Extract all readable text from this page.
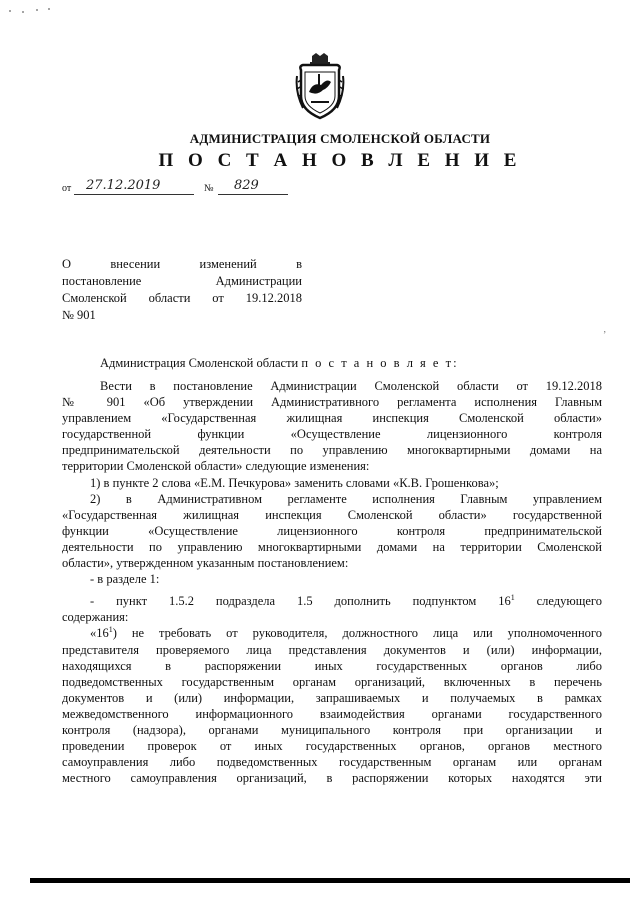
АДМИНИСТРАЦИЯ СМОЛЕНСКОЙ ОБЛАСТИ
П О С Т А Н О В Л Е Н И Е
от 27.12.2019	№ 829
О	внесении	изменений	в
постановление	Администрации
Смоленской области от 19.12.2018
№ 901
ʼ
Администрация Смоленской области п о с т а н о в л я е т:

Вести в постановление Администрации Смоленской области от 19.12.2018

№ 901 «Об утверждении Административного регламента исполнения Главным

управлением «Государственная жилищная инспекция Смоленской области»

государственной функции «Осуществление лицензионного контроля

предпринимательской деятельности по управлению многоквартирными домами на

территории Смоленской области» следующие изменения:

1) в пункте 2 слова «Е.М. Печкурова» заменить словами «К.В. Грошенкова»;

2) в Административном регламенте исполнения Главным управлением

«Государственная жилищная инспекция Смоленской области» государственной

функции «Осуществление лицензионного контроля предпринимательской

деятельности по управлению многоквартирными домами на территории Смоленской

области», утвержденном указанным постановлением:

- в разделе 1:

- пункт 1.5.2 подраздела 1.5 дополнить подпунктом $16^1$ следующего

содержания:

«$16^1$) не требовать от руководителя, должностного лица или уполномоченного

представителя проверяемого лица представления документов и (или) информации,

находящихся в распоряжении иных государственных органов либо

подведомственных государственным органам организаций, включенных в перечень

документов и (или) информации, запрашиваемых и получаемых в рамках

межведомственного информационного взаимодействия органами государственного

контроля (надзора), органами муниципального контроля при организации и

проведении проверок от иных государственных органов, органов местного

самоуправления либо подведомственных государственным органам или органам

местного самоуправления организаций, в распоряжении которых находятся эти
